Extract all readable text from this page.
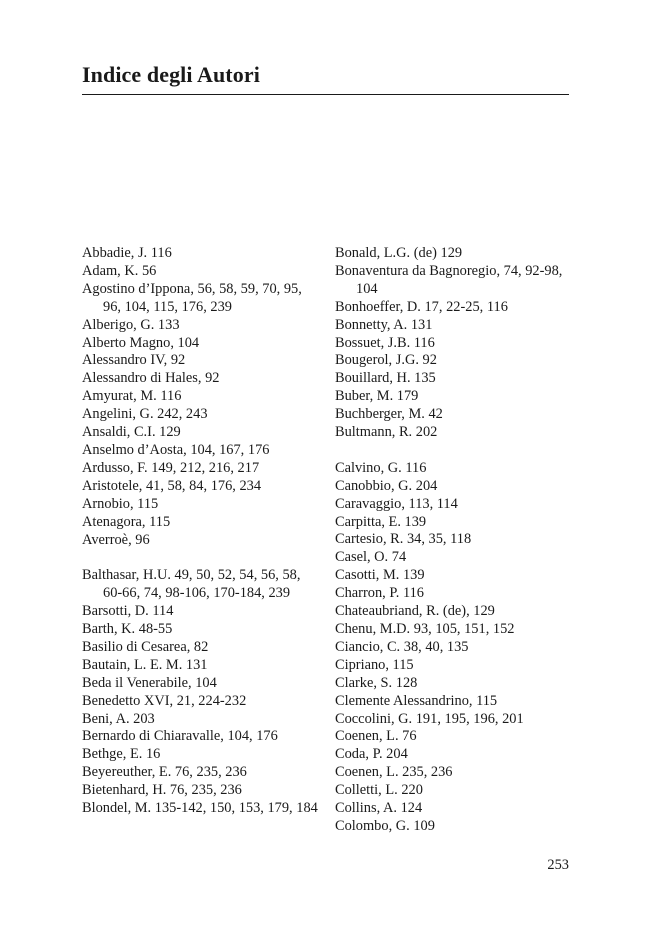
Indice degli Autori
Abbadie, J. 116
Adam, K. 56
Agostino d’Ippona, 56, 58, 59, 70, 95, 96, 104, 115, 176, 239
Alberigo, G. 133
Alberto Magno, 104
Alessandro IV, 92
Alessandro di Hales, 92
Amyurat, M. 116
Angelini, G. 242, 243
Ansaldi, C.I. 129
Anselmo d’Aosta, 104, 167, 176
Ardusso, F. 149, 212, 216, 217
Aristotele, 41, 58, 84, 176, 234
Arnobio, 115
Atenagora, 115
Averroè, 96
Balthasar, H.U. 49, 50, 52, 54, 56, 58, 60-66, 74, 98-106, 170-184, 239
Barsotti, D. 114
Barth, K. 48-55
Basilio di Cesarea, 82
Bautain, L. E. M. 131
Beda il Venerabile, 104
Benedetto XVI, 21, 224-232
Beni, A. 203
Bernardo di Chiaravalle, 104, 176
Bethge, E. 16
Beyereuther, E. 76, 235, 236
Bietenhard, H. 76, 235, 236
Blondel, M. 135-142, 150, 153, 179, 184
Bonald, L.G. (de) 129
Bonaventura da Bagnoregio, 74, 92-98, 104
Bonhoeffer, D. 17, 22-25, 116
Bonnetty, A. 131
Bossuet, J.B. 116
Bougerol, J.G. 92
Bouillard, H. 135
Buber, M. 179
Buchberger, M. 42
Bultmann, R. 202
Calvino, G. 116
Canobbio, G. 204
Caravaggio, 113, 114
Carpitta, E. 139
Cartesio, R. 34, 35, 118
Casel, O. 74
Casotti, M. 139
Charron, P. 116
Chateaubriand, R. (de), 129
Chenu, M.D. 93, 105, 151, 152
Ciancio, C. 38, 40, 135
Cipriano, 115
Clarke, S. 128
Clemente Alessandrino, 115
Coccolini, G. 191, 195, 196, 201
Coenen, L. 76
Coda, P. 204
Coenen, L. 235, 236
Colletti, L. 220
Collins, A. 124
Colombo, G. 109
253
